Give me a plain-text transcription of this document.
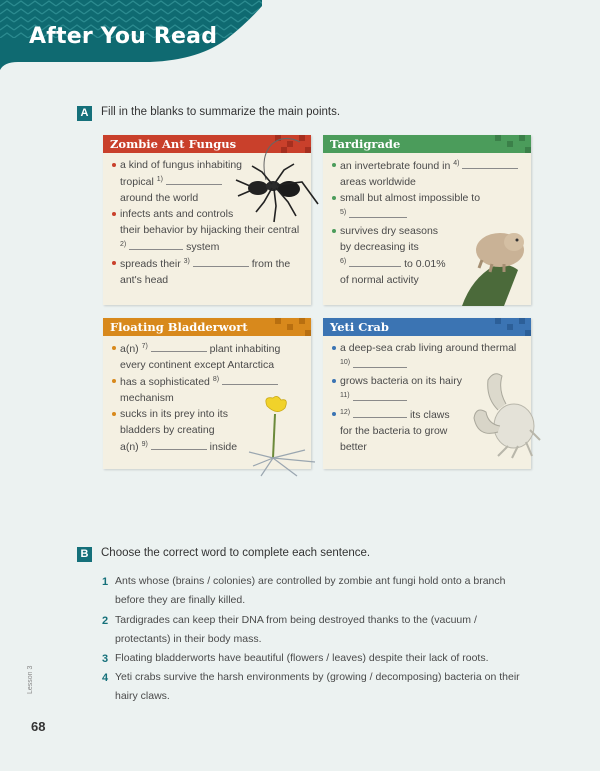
After You Read
A	Fill in the blanks to summarize the main points.
Zombie Ant Fungus
a kind of fungus inhabiting
tropical $^{1)}$
around the world
infects ants and controls
their behavior by hijacking their central
$^{2)}$	system
spreads their $^{3)}$	from the
ant's head
Tardigrade
an invertebrate found in $^{4)}$
areas worldwide
small but almost impossible to
$^{5)}$
survives dry seasons
by decreasing its
$^{6)}$	to 0.01%
of normal activity
Floating Bladderwort
a(n) $^{7)}$	plant inhabiting
every continent except Antarctica
has a sophisticated $^{8)}$
mechanism
sucks in its prey into its
bladders by creating
a(n) $^{9)}$	inside
Yeti Crab
a deep-sea crab living around thermal
$^{10)}$
grows bacteria on its hairy
$^{11)}$
$^{12)}$	its claws
for the bacteria to grow
better
B	Choose the correct word to complete each sentence.
1 Ants whose (brains / colonies) are controlled by zombie ant fungi hold onto a branch
before they are finally killed.
2 Tardigrades can keep their DNA from being destroyed thanks to the (vacuum /
protectants) in their body mass.
3 Floating bladderworts have beautiful (flowers / leaves) despite their lack of roots.
4 Yeti crabs survive the harsh environments by (growing / decomposing) bacteria on their
hairy claws.
Lesson 3
68
